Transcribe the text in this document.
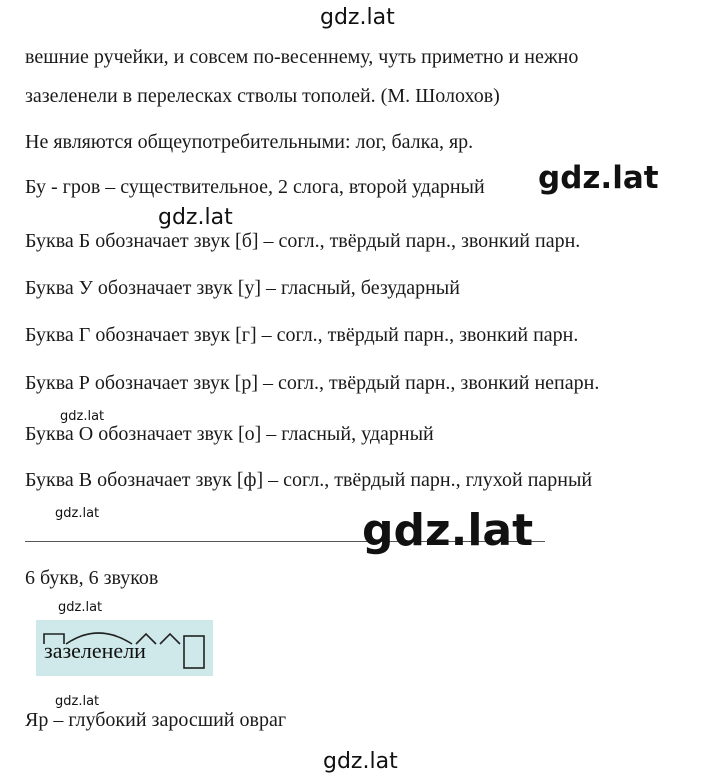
gdz.lat
вешние ручейки, и совсем по-весеннему, чуть приметно и нежно
зазеленели в перелесках стволы тополей. (М. Шолохов)
Не являются общеупотребительными: лог, балка, яр.
Бу - гров – существительное, 2 слога, второй ударный gdz.lat
gdz.lat
Буква Б обозначает звук [б] – согл., твёрдый парн., звонкий парн.
Буква У обозначает звук [у] – гласный, безударный
Буква Г обозначает звук [г] – согл., твёрдый парн., звонкий парн.
Буква Р обозначает звук [р] – согл., твёрдый парн., звонкий непарн.
gdz.lat
Буква О обозначает звук [о] – гласный, ударный
Буква В обозначает звук [ф] – согл., твёрдый парн., глухой парный
gdz.lat	gdz.lat
6 букв, 6 звуков
gdz.lat
зазеленели
gdz.lat
Яр – глубокий заросший овраг
gdz.lat
